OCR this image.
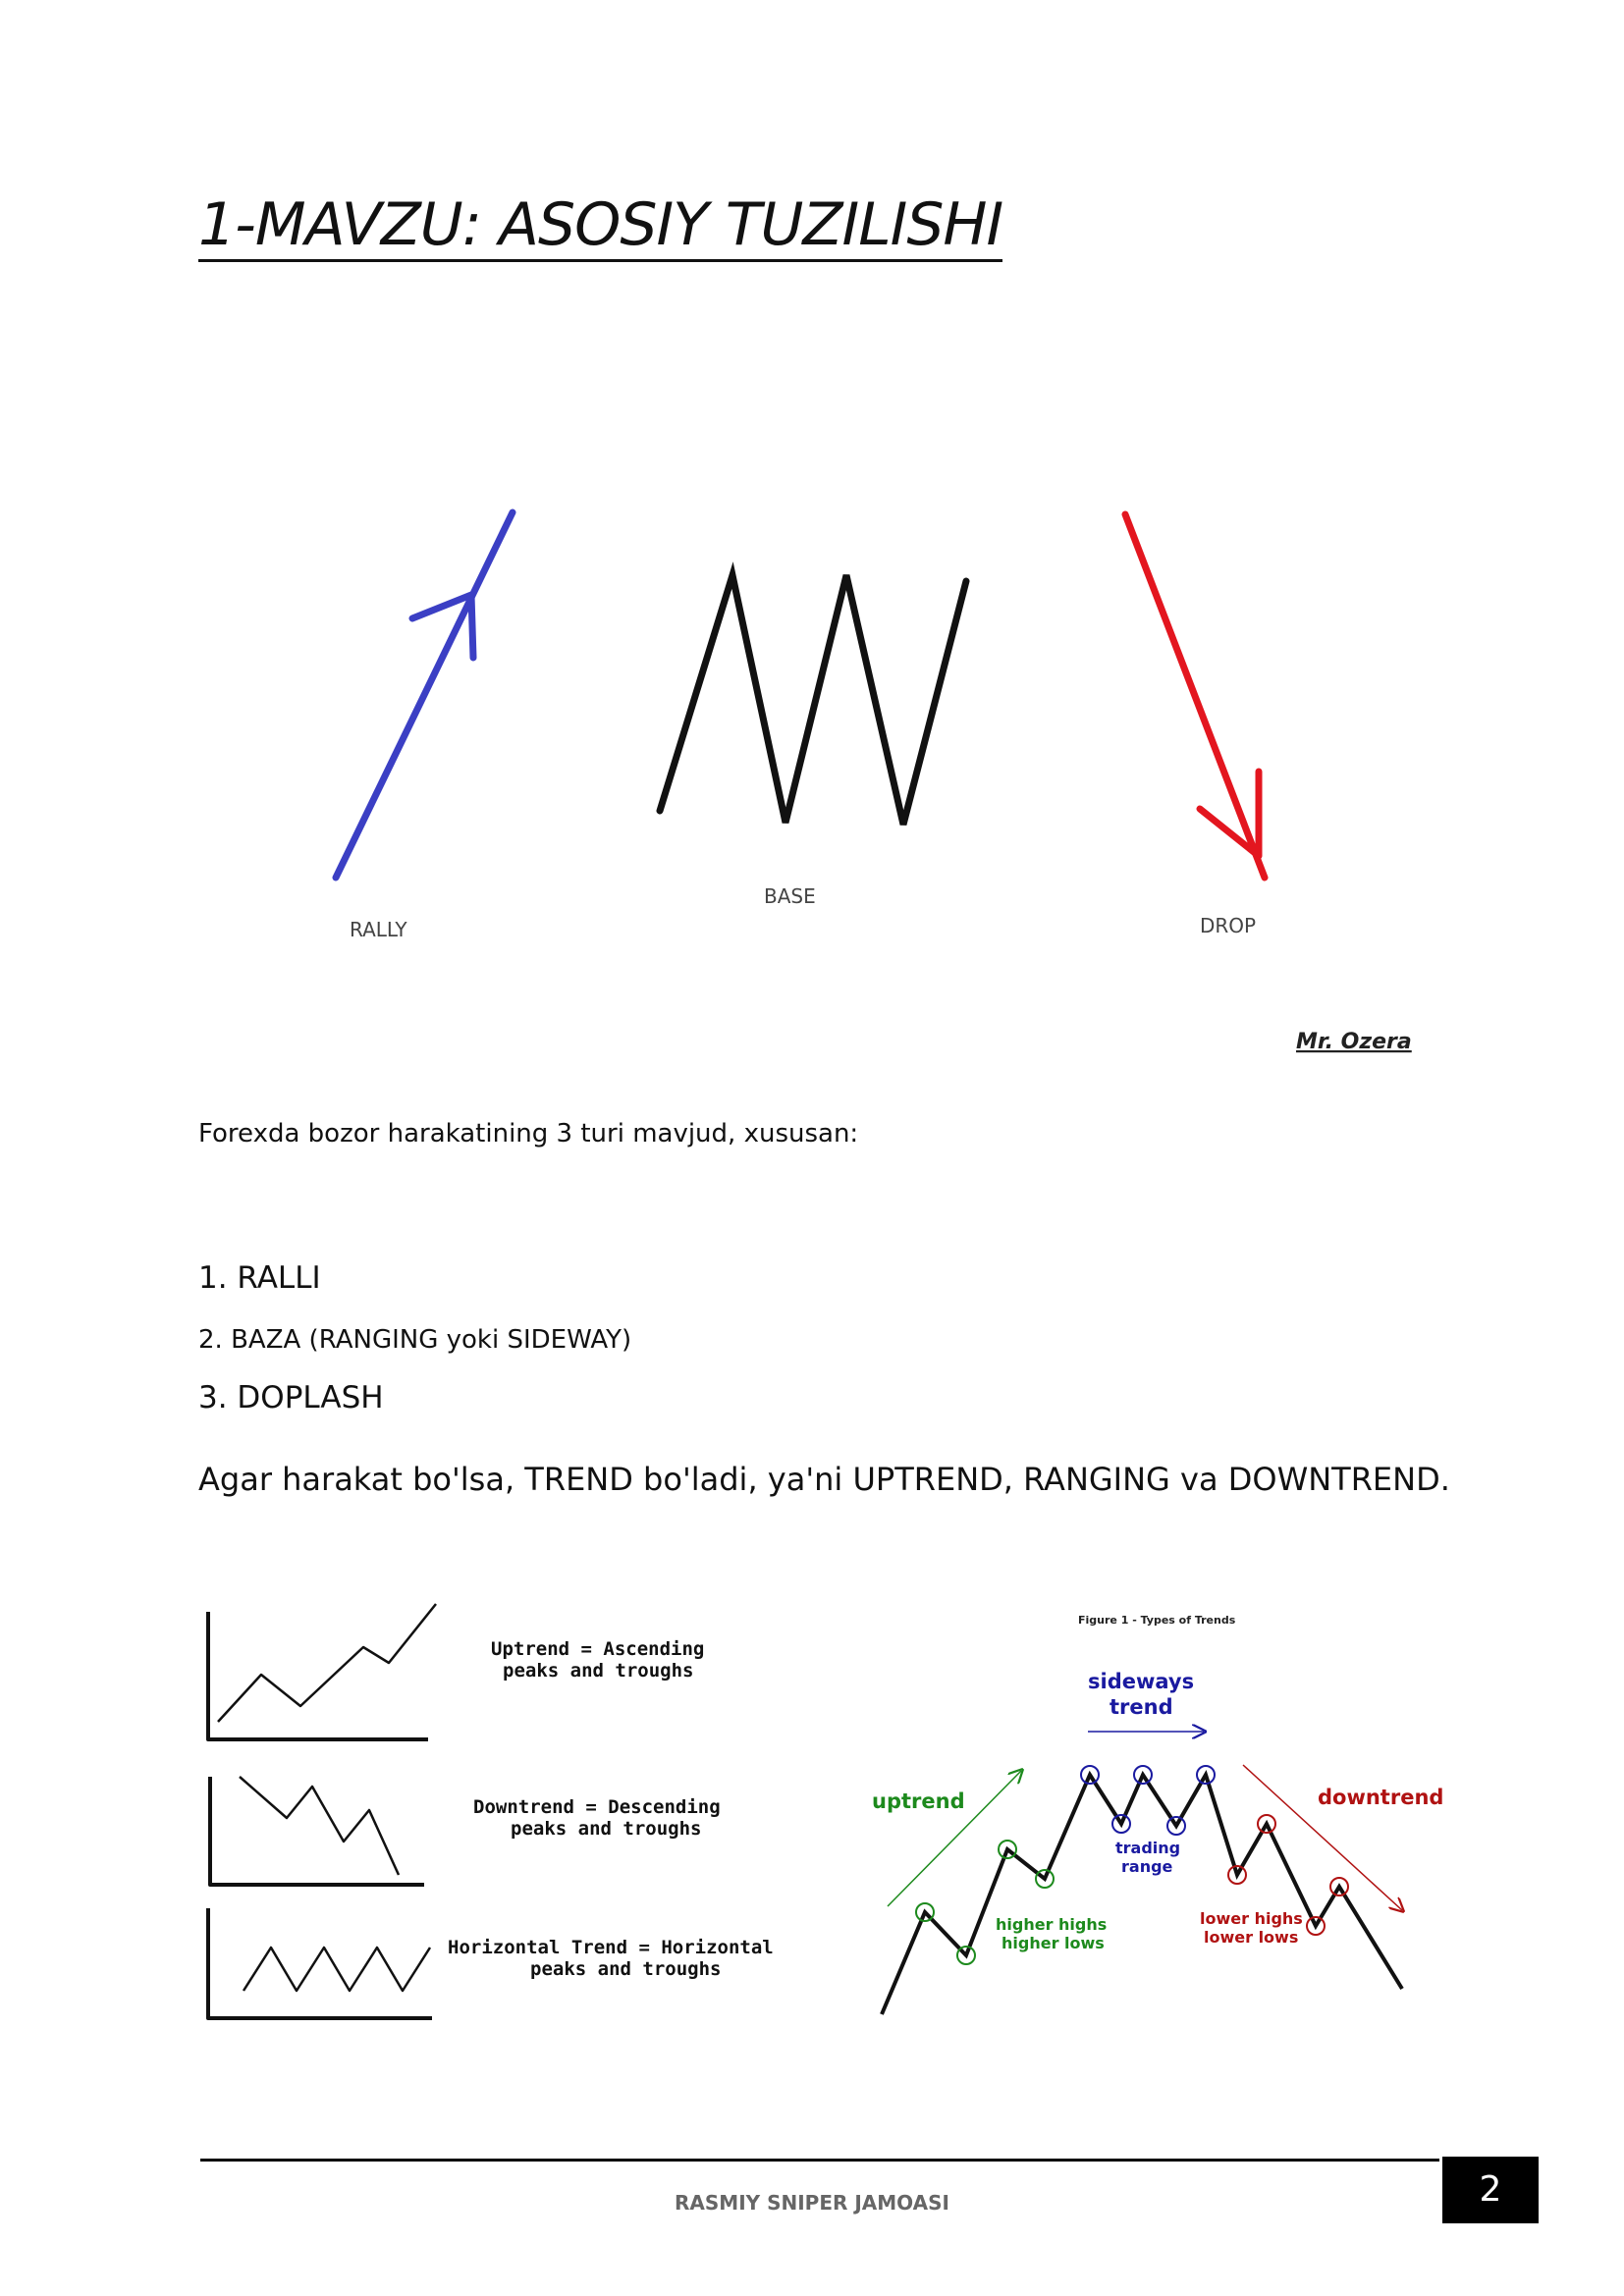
1-MAVZU: ASOSIY TUZILISHI
RALLY
BASE
DROP
Mr. Ozera
Forexda bozor harakatining 3 turi mavjud, xususan:
1. RALLI
2. BAZA (RANGING yoki SIDEWAY)
3. DOPLASH
Agar harakat bo'lsa, TREND bo'ladi, ya'ni UPTREND, RANGING va DOWNTREND.
Uptrend = Ascending
peaks and troughs
Downtrend = Descending
peaks and troughs
Horizontal Trend = Horizontal
peaks and troughs
Figure 1 - Types of Trends
sideways
trend
uptrend	downtrend
trading
range
higher highs
higher lows
lower highs
lower lows
RASMIY SNIPER JAMOASI	2
